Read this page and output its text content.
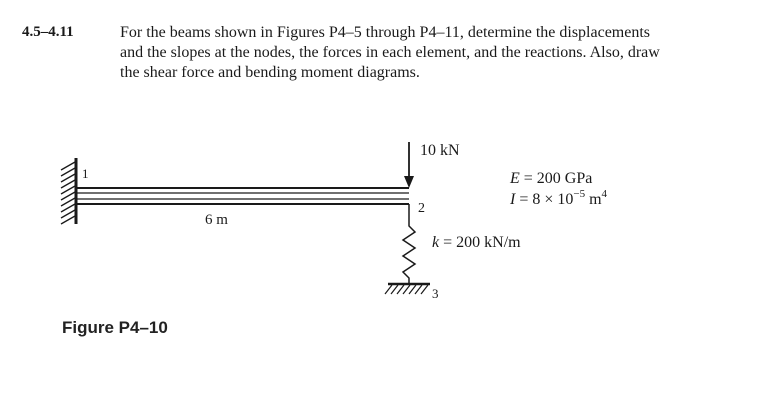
4.5–4.11	For the beams shown in Figures P4–5 through P4–11, determine the displacements
and the slopes at the nodes, the forces in each element, and the reactions. Also, draw
the shear force and bending moment diagrams.
1
2
3
6 m
10 kN
E = 200 GPa
$I = 8 \times 10^{-5}$ $m^4$
k = 200 kN/m
Figure P4–10
